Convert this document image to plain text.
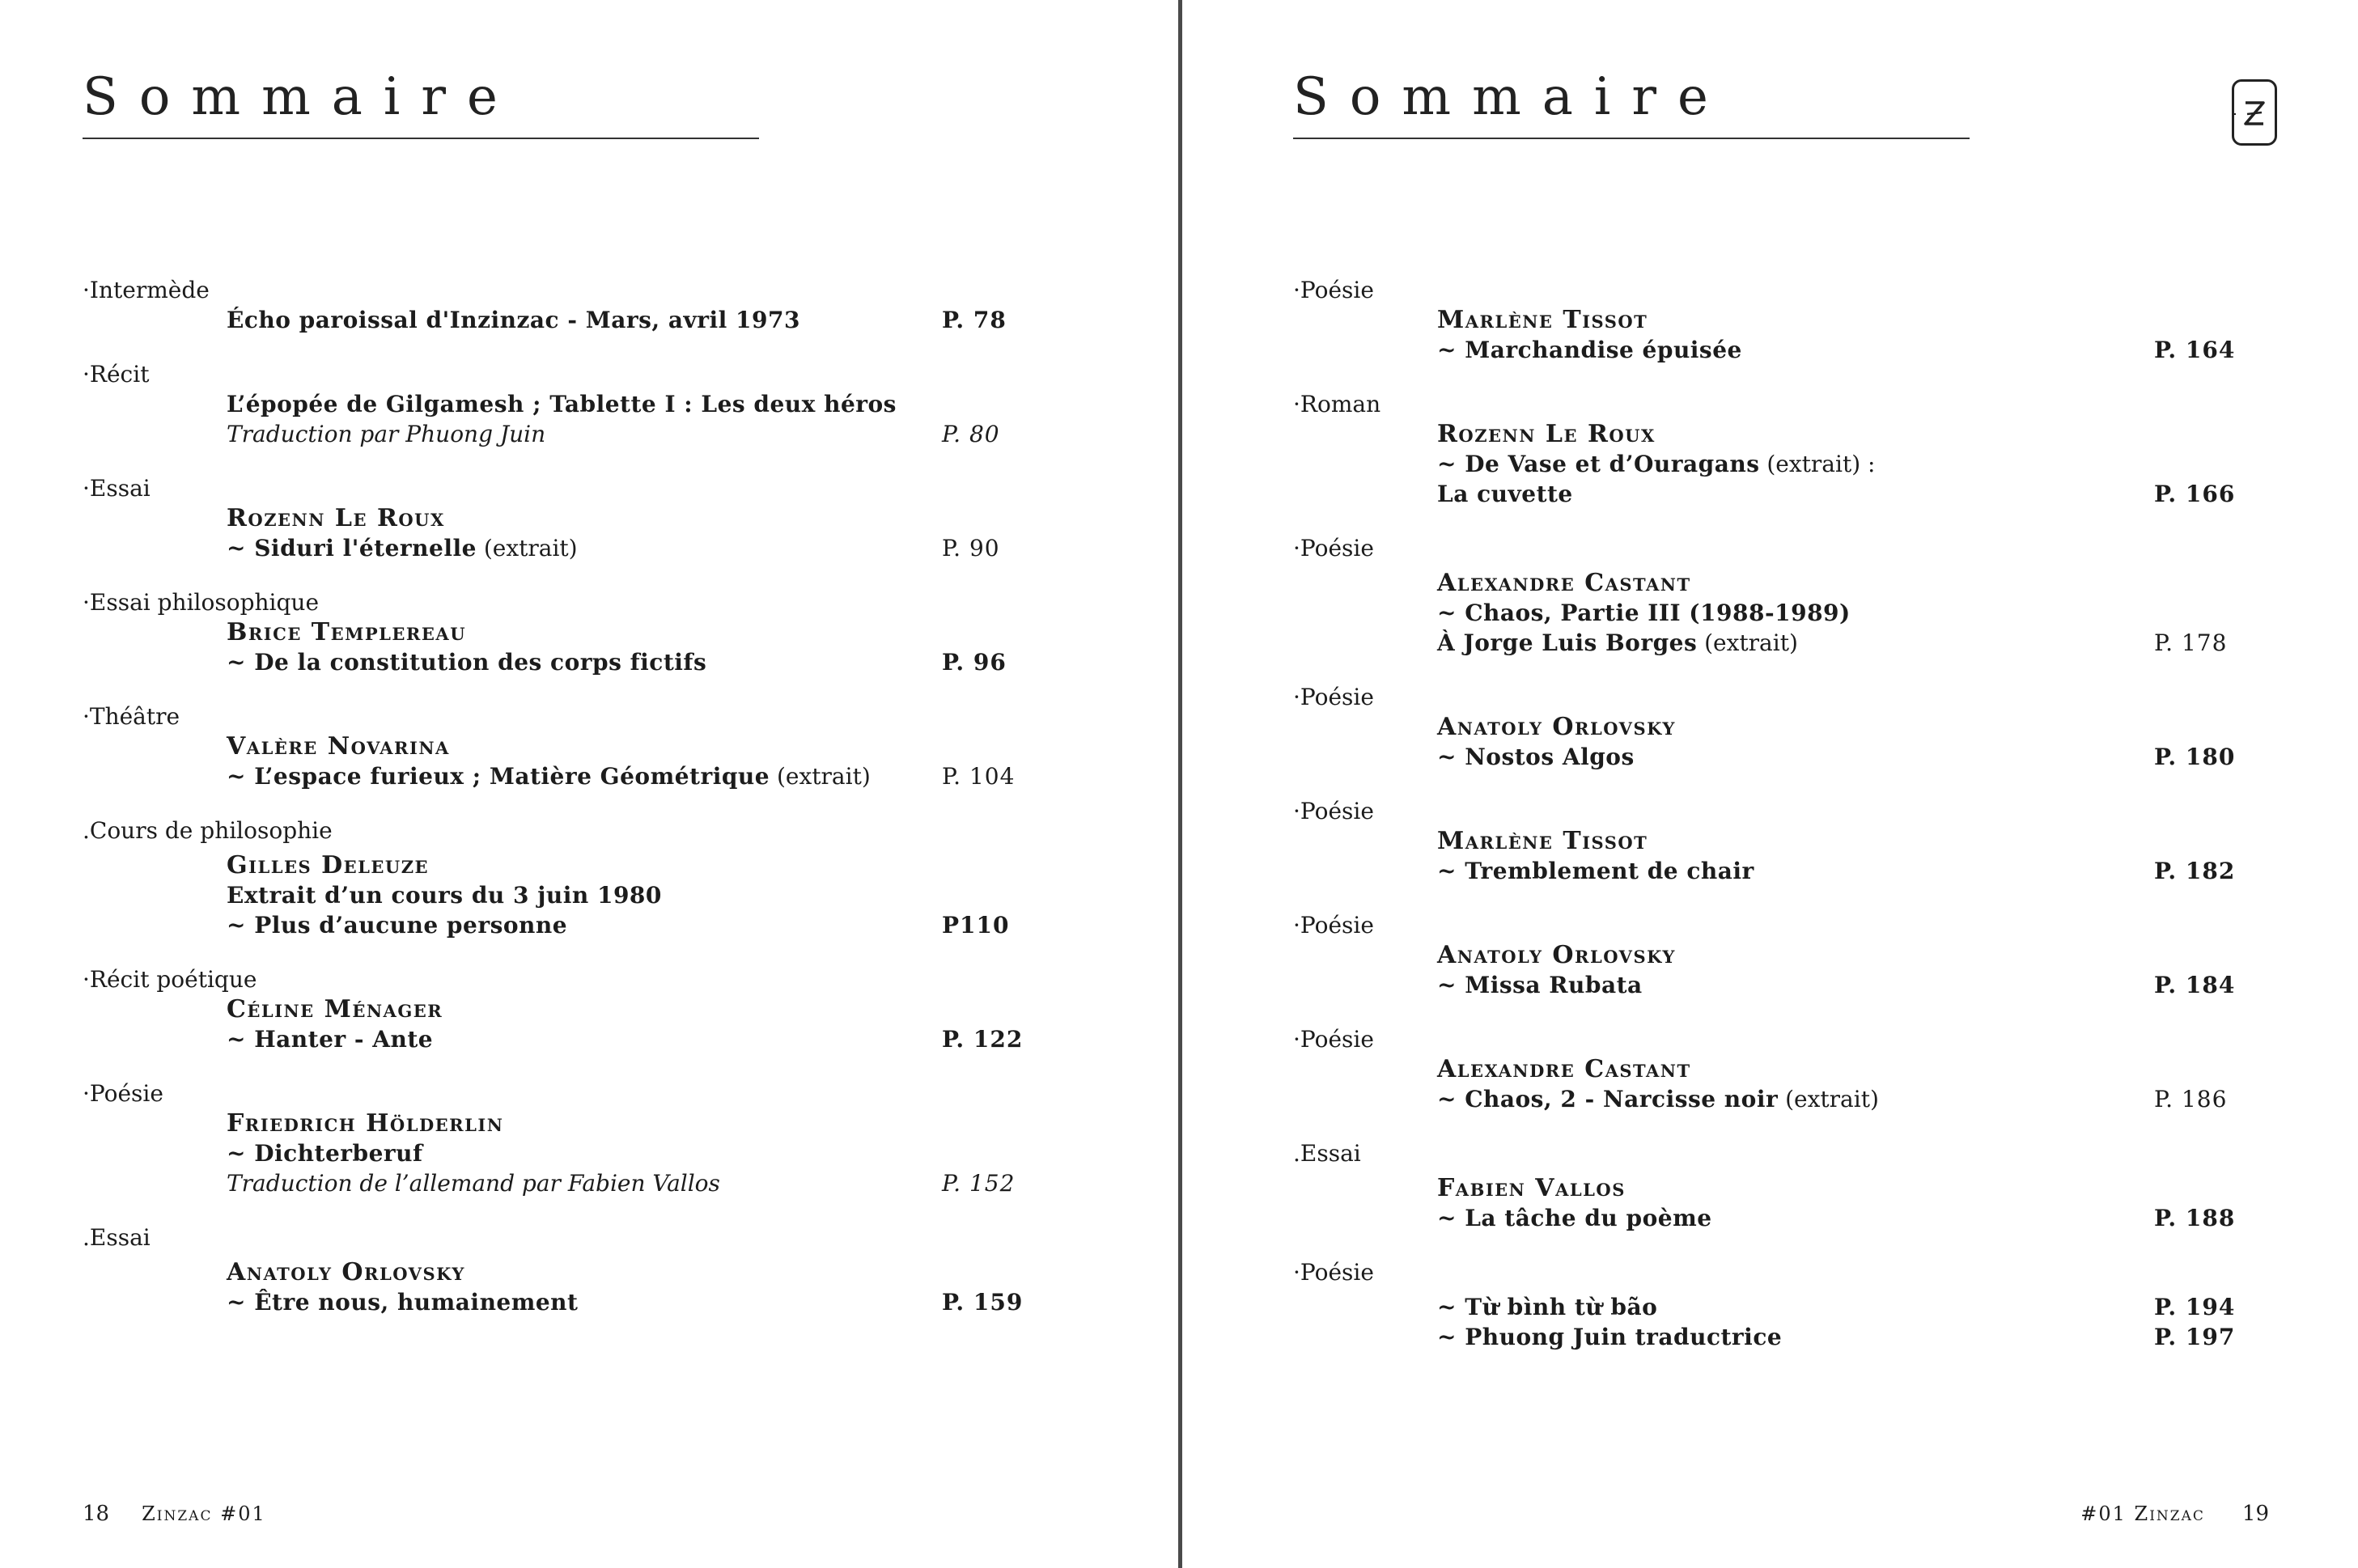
Sommaire
·Intermède
Écho paroissal d'Inzinzac - Mars, avril 1973	P. 78
·Récit
L’épopée de Gilgamesh ; Tablette I : Les deux héros
Traduction par Phuong Juin	P. 80
·Essai
Rozenn Le Roux
~ Siduri l'éternelle (extrait)	P. 90
·Essai philosophique
Brice Templereau
~ De la constitution des corps fictifs	P. 96
·Théâtre
Valère Novarina
~ L’espace furieux ; Matière Géométrique (extrait)	P. 104
.Cours de philosophie
Gilles Deleuze
Extrait d’un cours du 3 juin 1980
~ Plus d’aucune personne	P110
·Récit poétique
Céline Ménager
~ Hanter - Ante	P. 122
·Poésie
Friedrich Hölderlin
~ Dichterberuf
Traduction de l’allemand par Fabien Vallos	P. 152
.Essai
Anatoly Orlovsky
~ Être nous, humainement	P. 159
18 Zinzac #01
Sommaire
·Poésie
Marlène Tissot
~ Marchandise épuisée	P. 164
·Roman
Rozenn Le Roux
~ De Vase et d’Ouragans (extrait) :
La cuvette	P. 166
·Poésie
Alexandre Castant
~ Chaos, Partie III (1988-1989)
À Jorge Luis Borges (extrait)	P. 178
·Poésie
Anatoly Orlovsky
~ Nostos Algos	P. 180
·Poésie
Marlène Tissot
~ Tremblement de chair	P. 182
·Poésie
Anatoly Orlovsky
~ Missa Rubata	P. 184
·Poésie
Alexandre Castant
~ Chaos, 2 - Narcisse noir (extrait)	P. 186
.Essai
Fabien Vallos
~ La tâche du poème	P. 188
·Poésie
~ Từ bình từ bão	P. 194
~ Phuong Juin traductrice	P. 197
#01 Zinzac 19
